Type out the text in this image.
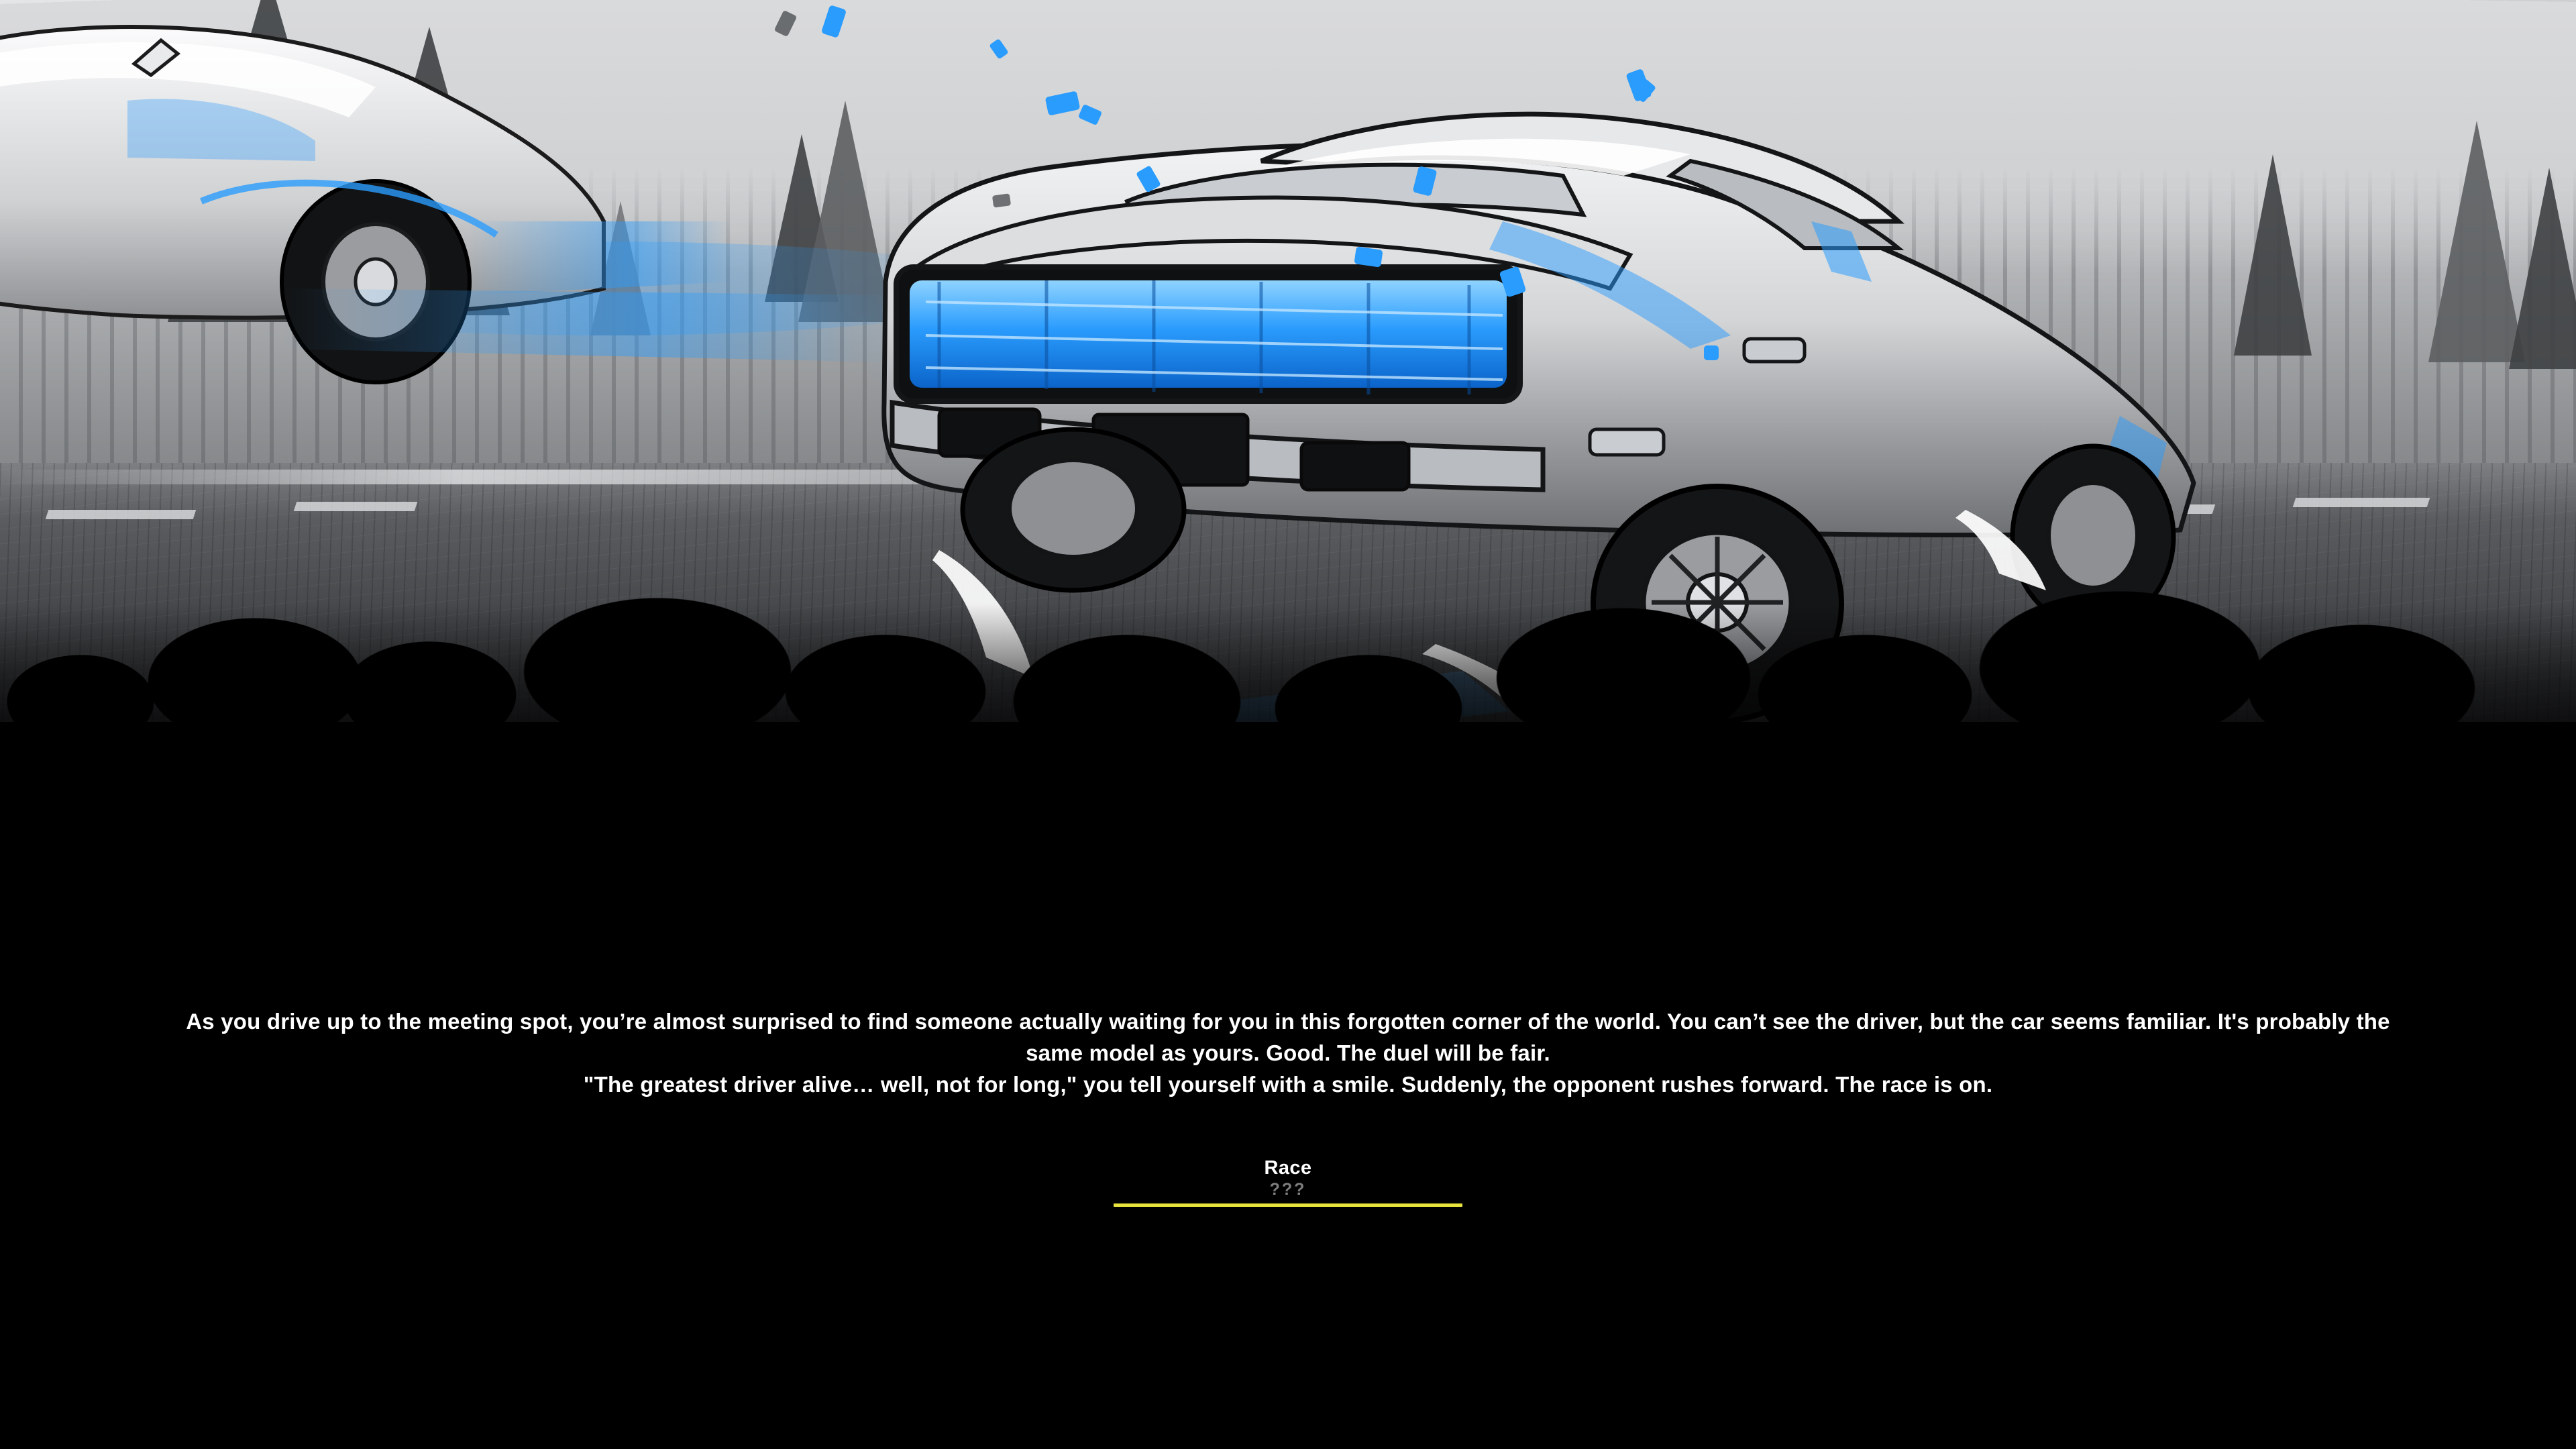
As you drive up to the meeting spot, you’re almost surprised to find someone actually waiting for you in this forgotten corner of the world. You can’t see the driver, but the car seems familiar. It's probably the same model as yours. Good. The duel will be fair.

"The greatest driver alive… well, not for long," you tell yourself with a smile. Suddenly, the opponent rushes forward. The race is on.

Race
???
